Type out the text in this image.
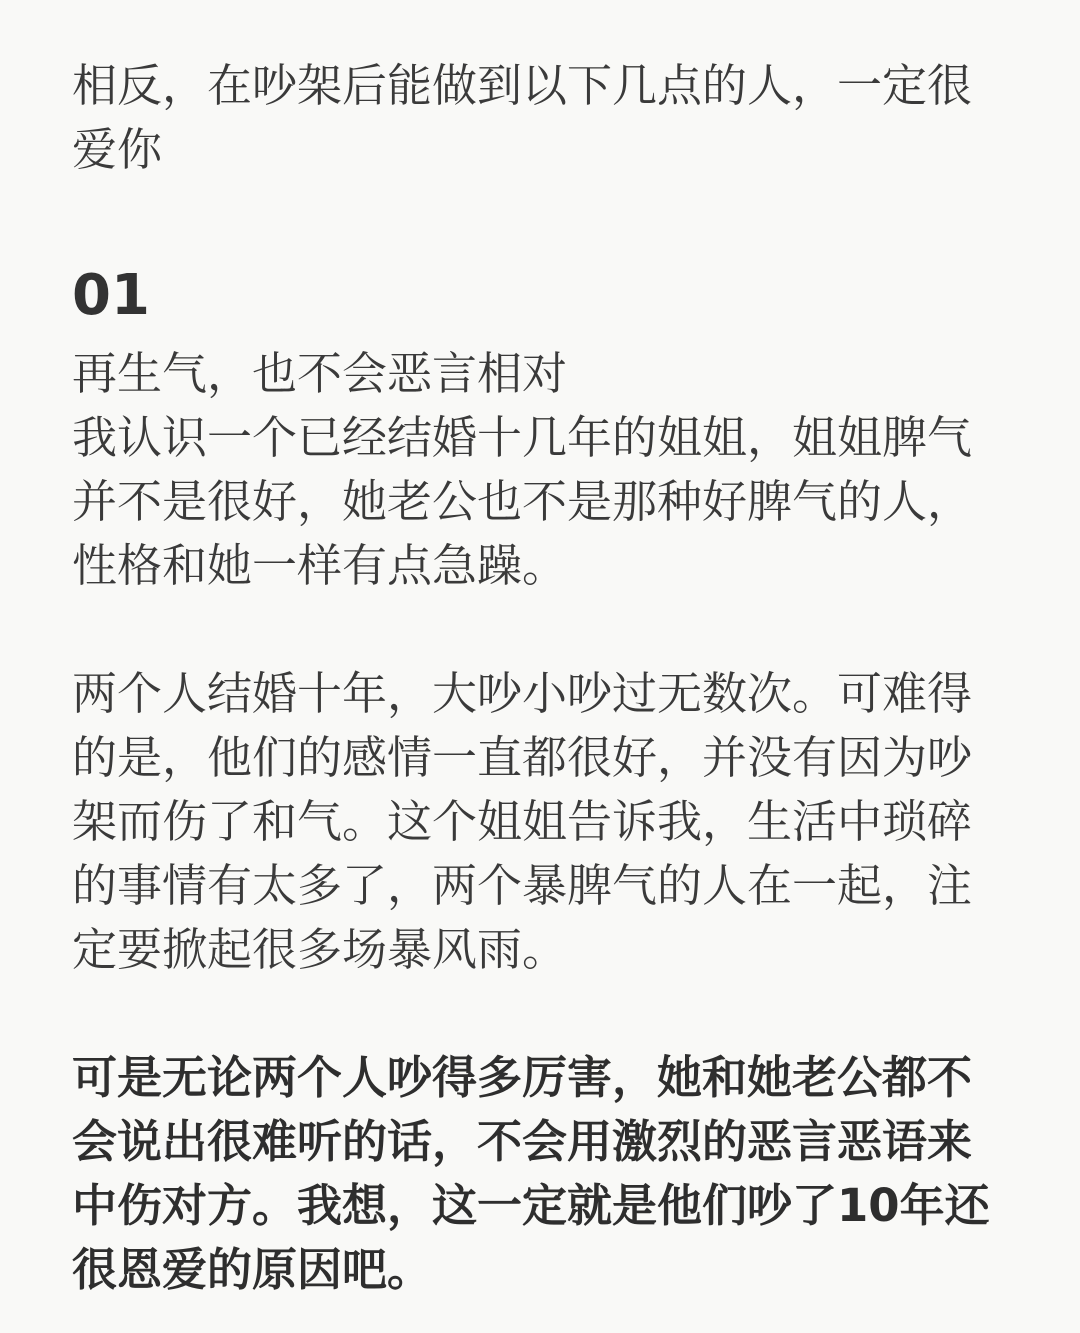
相反，在吵架后能做到以下几点的人，一定很爱你

01

再生气，也不会恶言相对

我认识一个已经结婚十几年的姐姐，姐姐脾气并不是很好，她老公也不是那种好脾气的人，性格和她一样有点急躁。

两个人结婚十年，大吵小吵过无数次。可难得的是，他们的感情一直都很好，并没有因为吵架而伤了和气。这个姐姐告诉我，生活中琐碎的事情有太多了，两个暴脾气的人在一起，注定要掀起很多场暴风雨。

可是无论两个人吵得多厉害，她和她老公都不会说出很难听的话，不会用激烈的恶言恶语来中伤对方。我想，这一定就是他们吵了10年还很恩爱的原因吧。
